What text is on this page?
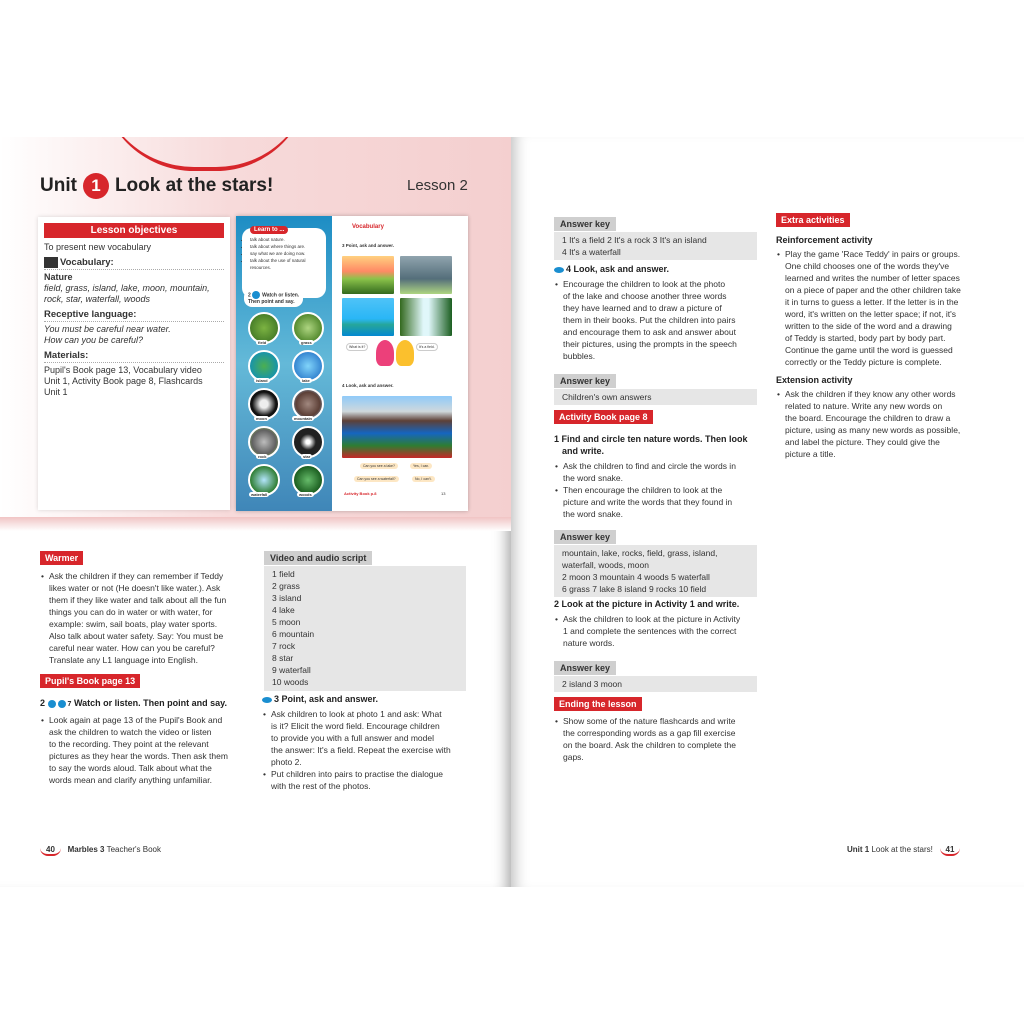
Unit 1 Look at the stars!	Lesson 2
Lesson objectives
To present new vocabulary
Vocabulary:
Nature
field, grass, island, lake, moon, mountain,
rock, star, waterfall, woods
Receptive language:
You must be careful near water.
How can you be careful?
Materials:
Pupil's Book page 13, Vocabulary video
Unit 1, Activity Book page 8, Flashcards
Unit 1
• talk about nature.
• talk about where things are.
• say what we are doing now.
• talk about the use of natural resources.
Learn to ...
2 Watch or listen.
Then point and say.
field	grass
island	lake
moon	mountain
rock	star
waterfall	woods
Vocabulary
3 Point, ask and answer.
What is it?	It's a field.
4 Look, ask and answer.
Can you see a lake?	Yes, I can.
Can you see a waterfall?	No, I can't.
Activity Book p.8	13
Warmer
• Ask the children if they can remember if Teddy
likes water or not (He doesn't like water.). Ask
them if they like water and talk about all the fun
things you can do in water or with water, for
example: swim, sail boats, play water sports.
Also talk about water safety. Say: You must be
careful near water. How can you be careful?
Translate any L1 language into English.
Pupil's Book page 13
2	7 Watch or listen. Then point and say.
• Look again at page 13 of the Pupil's Book and
ask the children to watch the video or listen
to the recording. They point at the relevant
pictures as they hear the words. Then ask them
to say the words aloud. Talk about what the
words mean and clarify anything unfamiliar.
Video and audio script
1 field
2 grass
3 island
4 lake
5 moon
6 mountain
7 rock
8 star
9 waterfall
10 woods
3 Point, ask and answer.
• Ask children to look at photo 1 and ask: What
is it? Elicit the word field. Encourage children
to provide you with a full answer and model
the answer: It's a field. Repeat the exercise with
photo 2.
• Put children into pairs to practise the dialogue
with the rest of the photos.
40 Marbles 3 Teacher's Book
Answer key
1 It's a field 2 It's a rock 3 It's an island
4 It's a waterfall
4 Look, ask and answer.
• Encourage the children to look at the photo
of the lake and choose another three words
they have learned and to draw a picture of
them in their books. Put the children into pairs
and encourage them to ask and answer about
their pictures, using the prompts in the speech
bubbles.
Answer key
Children's own answers
Activity Book page 8
1 Find and circle ten nature words. Then look
and write.
• Ask the children to find and circle the words in
the word snake.
• Then encourage the children to look at the
picture and write the words that they found in
the word snake.
Answer key
mountain, lake, rocks, field, grass, island,
waterfall, woods, moon
2 moon 3 mountain 4 woods 5 waterfall
6 grass 7 lake 8 island 9 rocks 10 field
2 Look at the picture in Activity 1 and write.
• Ask the children to look at the picture in Activity
1 and complete the sentences with the correct
nature words.
Answer key
2 island 3 moon
Ending the lesson
• Show some of the nature flashcards and write
the corresponding words as a gap fill exercise
on the board. Ask the children to complete the
gaps.
Extra activities
Reinforcement activity
• Play the game 'Race Teddy' in pairs or groups.
One child chooses one of the words they've
learned and writes the number of letter spaces
on a piece of paper and the other children take
it in turns to guess a letter. If the letter is in the
word, it's written on the letter space; if not, it's
written to the side of the word and a drawing
of Teddy is started, body part by body part.
Continue the game until the word is guessed
correctly or the Teddy picture is complete.
Extension activity
• Ask the children if they know any other words
related to nature. Write any new words on
the board. Encourage the children to draw a
picture, using as many new words as possible,
and label the picture. They could give the
picture a title.
Unit 1 Look at the stars! 41
